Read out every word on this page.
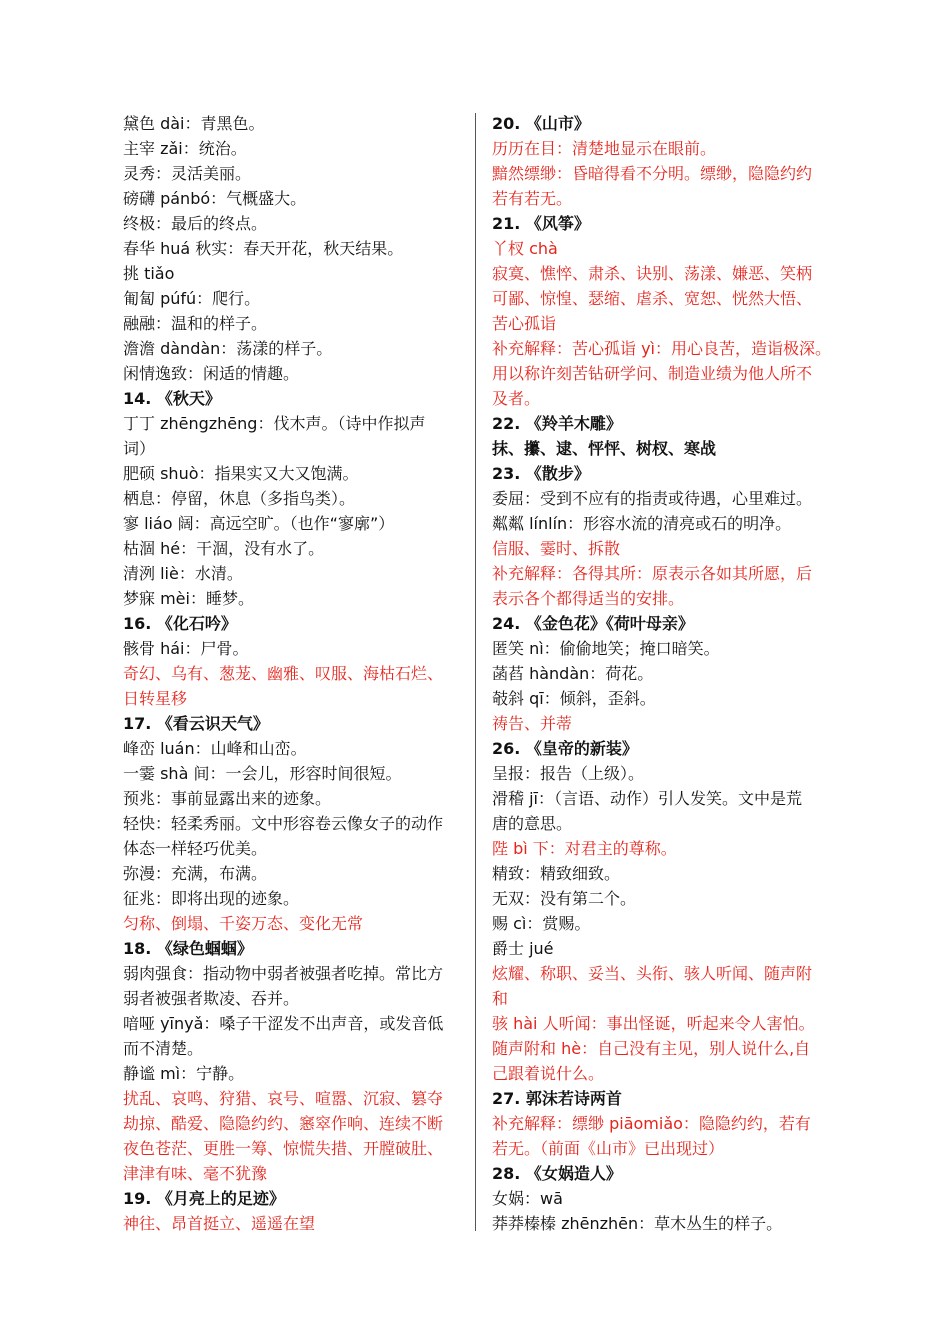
黛色 dài：青黑色。
主宰 zǎi：统治。
灵秀：灵活美丽。
磅礴 pánbó：气概盛大。
终极：最后的终点。
春华 huá 秋实：春天开花，秋天结果。
挑 tiǎo
匍匐 púfú：爬行。
融融：温和的样子。
澹澹 dàndàn：荡漾的样子。
闲情逸致：闲适的情趣。
14. 《秋天》
丁丁 zhēngzhēng：伐木声。（诗中作拟声
词）
肥硕 shuò：指果实又大又饱满。
栖息：停留，休息（多指鸟类）。
寥 liáo 阔：高远空旷。（也作“寥廓”）
枯涸 hé：干涸，没有水了。
清洌 liè：水清。
梦寐 mèi：睡梦。
16. 《化石吟》
骸骨 hái：尸骨。
奇幻、乌有、葱茏、幽雅、叹服、海枯石烂、
日转星移
17. 《看云识天气》
峰峦 luán：山峰和山峦。
一霎 shà 间：一会儿，形容时间很短。
预兆：事前显露出来的迹象。
轻快：轻柔秀丽。文中形容卷云像女子的动作
体态一样轻巧优美。
弥漫：充满，布满。
征兆：即将出现的迹象。
匀称、倒塌、千姿万态、变化无常
18. 《绿色蝈蝈》
弱肉强食：指动物中弱者被强者吃掉。常比方
弱者被强者欺凌、吞并。
喑哑 yīnyǎ：嗓子干涩发不出声音，或发音低
而不清楚。
静谧 mì：宁静。
扰乱、哀鸣、狩猎、哀号、喧嚣、沉寂、篡夺
劫掠、酷爱、隐隐约约、窸窣作响、连续不断
夜色苍茫、更胜一筹、惊慌失措、开膛破肚、
津津有味、毫不犹豫
19. 《月亮上的足迹》
神往、昂首挺立、遥遥在望
20. 《山市》
历历在目：清楚地显示在眼前。
黯然缥缈：昏暗得看不分明。缥缈，隐隐约约
若有若无。
21. 《风筝》
丫杈 chà
寂寞、憔悴、肃杀、诀别、荡漾、嫌恶、笑柄
可鄙、惊惶、瑟缩、虐杀、宽恕、恍然大悟、
苦心孤诣
补充解释：苦心孤诣 yì：用心良苦，造诣极深。
用以称许刻苦钻研学问、制造业绩为他人所不
及者。
22. 《羚羊木雕》
抹、攥、逮、怦怦、树杈、寒战
23. 《散步》
委屈：受到不应有的指责或待遇，心里难过。
粼粼 línlín：形容水流的清亮或石的明净。
信服、霎时、拆散
补充解释：各得其所：原表示各如其所愿，后
表示各个都得适当的安排。
24. 《金色花》《荷叶母亲》
匿笑 nì：偷偷地笑；掩口暗笑。
菡萏 hàndàn：荷花。
攲斜 qī：倾斜，歪斜。
祷告、并蒂
26. 《皇帝的新装》
呈报：报告（上级）。
滑稽 jī：（言语、动作）引人发笑。文中是荒
唐的意思。
陛 bì 下：对君主的尊称。
精致：精致细致。
无双：没有第二个。
赐 cì：赏赐。
爵士 jué
炫耀、称职、妥当、头衔、骇人听闻、随声附
和
骇 hài 人听闻：事出怪诞，听起来令人害怕。
随声附和 hè：自己没有主见，别人说什么,自
己跟着说什么。
27. 郭沫若诗两首
补充解释：缥缈 piāomiǎo：隐隐约约，若有
若无。（前面《山市》已出现过）
28. 《女娲造人》
女娲：wā
莽莽榛榛 zhēnzhēn：草木丛生的样子。
